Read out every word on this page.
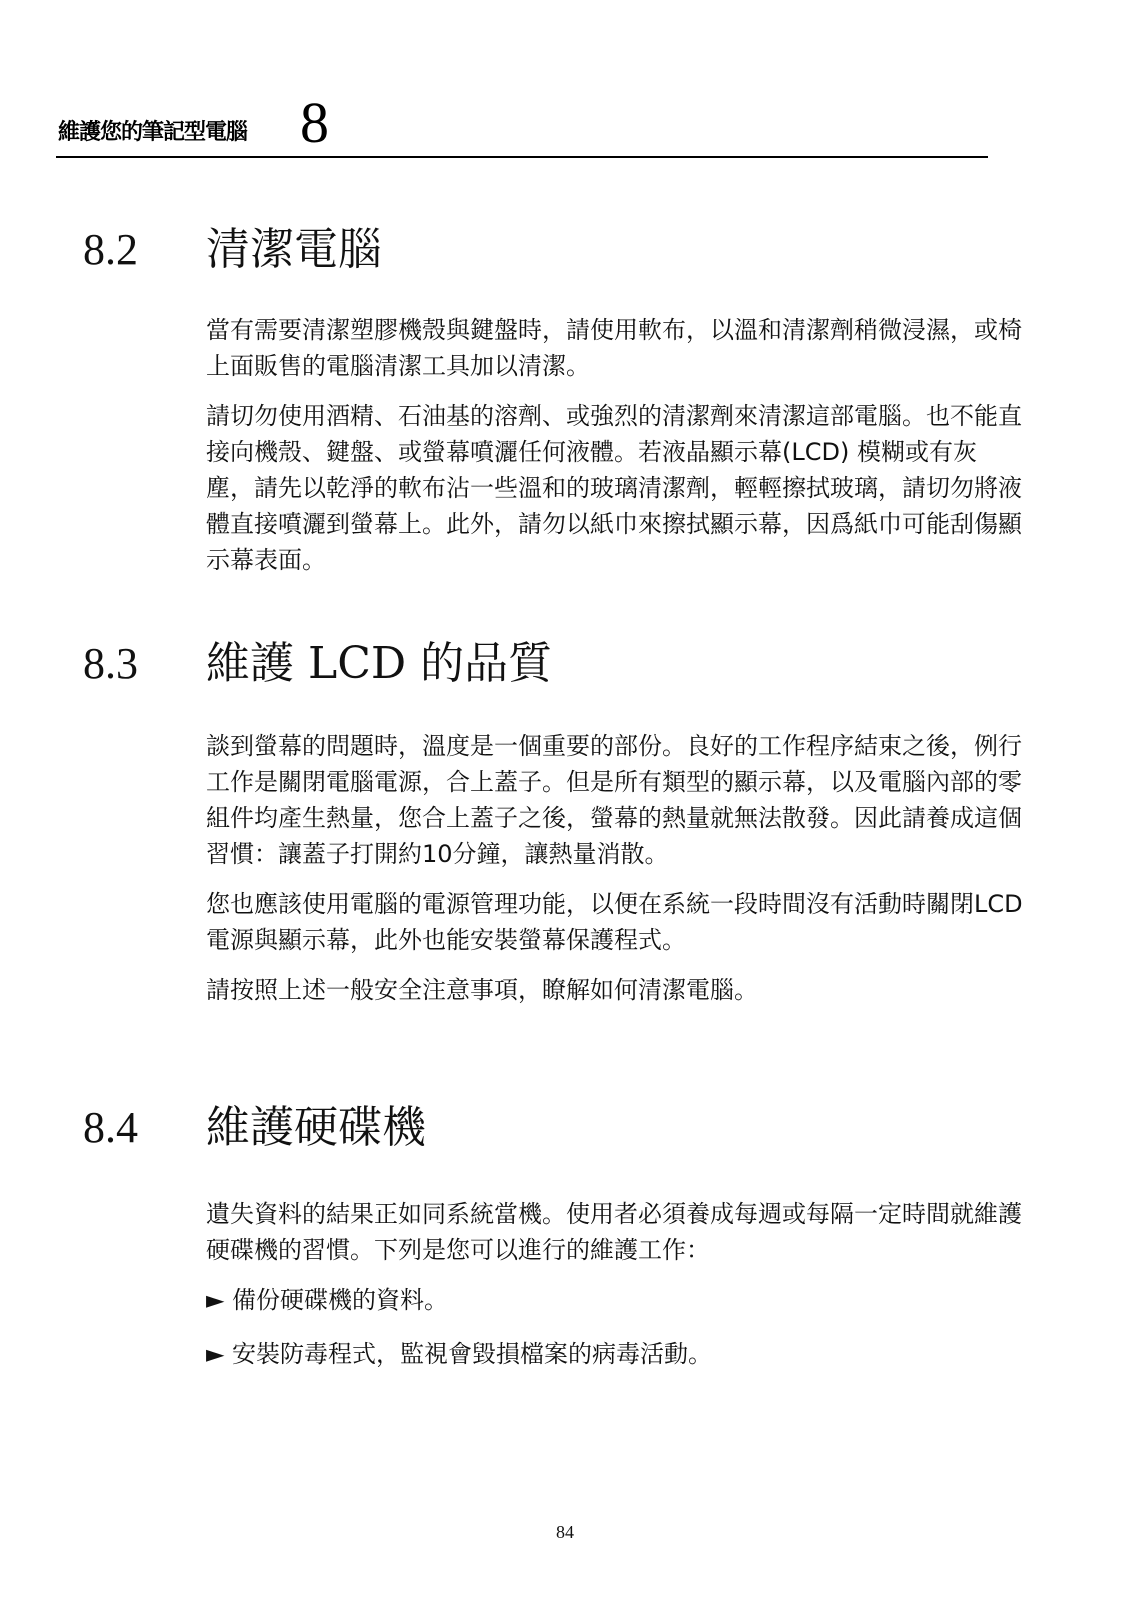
維護您的筆記型電腦 8
8.2 清潔電腦

當有需要清潔塑膠機殼與鍵盤時，請使用軟布，以溫和清潔劑稍微浸濕，或椅上面販售的電腦清潔工具加以清潔。

請切勿使用酒精、石油基的溶劑、或強烈的清潔劑來清潔這部電腦。也不能直接向機殼、鍵盤、或螢幕噴灑任何液體。若液晶顯示幕(LCD) 模糊或有灰塵，請先以乾淨的軟布沾一些溫和的玻璃清潔劑，輕輕擦拭玻璃，請切勿將液體直接噴灑到螢幕上。此外，請勿以紙巾來擦拭顯示幕，因爲紙巾可能刮傷顯示幕表面。

8.3 維護 LCD 的品質

談到螢幕的問題時，溫度是一個重要的部份。良好的工作程序結束之後，例行工作是關閉電腦電源，合上蓋子。但是所有類型的顯示幕，以及電腦內部的零組件均產生熱量，您合上蓋子之後，螢幕的熱量就無法散發。因此請養成這個習慣：讓蓋子打開約10分鐘，讓熱量消散。

您也應該使用電腦的電源管理功能，以便在系統一段時間沒有活動時關閉LCD電源與顯示幕，此外也能安裝螢幕保護程式。

請按照上述一般安全注意事項，瞭解如何清潔電腦。

8.4 維護硬碟機

遺失資料的結果正如同系統當機。使用者必須養成每週或每隔一定時間就維護硬碟機的習慣。下列是您可以進行的維護工作：

► 備份硬碟機的資料。
► 安裝防毒程式，監視會毀損檔案的病毒活動。
84
